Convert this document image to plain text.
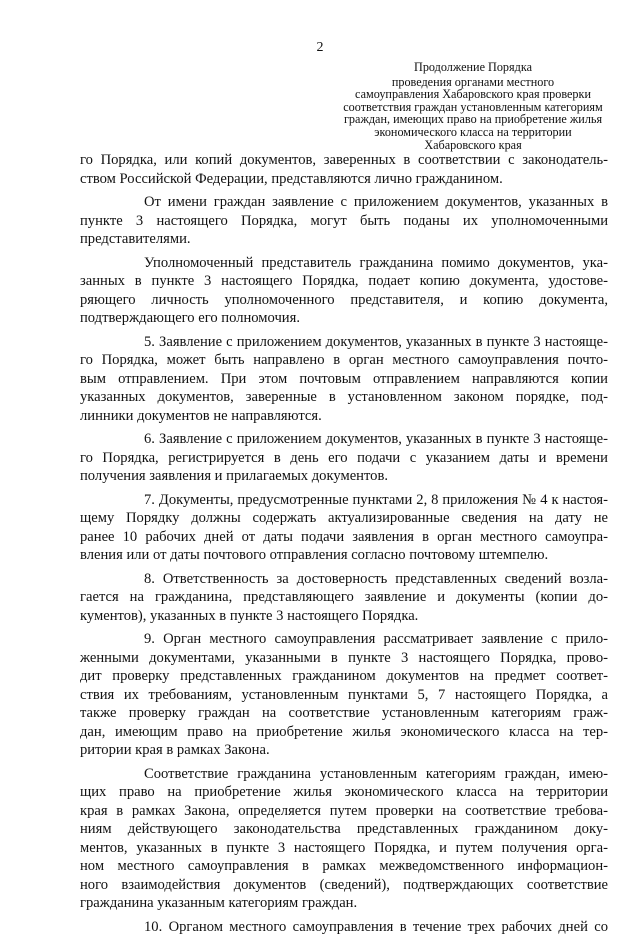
2
Продолжение Порядка
проведения органами местного
самоуправления Хабаровского края проверки
соответствия граждан установленным категориям
граждан, имеющих право на приобретение жилья
экономического класса на территории
Хабаровского края
го Порядка, или копий документов, заверенных в соответствии с законодатель-
ством Российской Федерации, представляются лично гражданином.
От имени граждан заявление с приложением документов, указанных в
пункте 3 настоящего Порядка, могут быть поданы их уполномоченными
представителями.
Уполномоченный представитель гражданина помимо документов, ука-
занных в пункте 3 настоящего Порядка, подает копию документа, удостове-
ряющего личность уполномоченного представителя, и копию документа,
подтверждающего его полномочия.
5. Заявление с приложением документов, указанных в пункте 3 настояще-
го Порядка, может быть направлено в орган местного самоуправления почто-
вым отправлением. При этом почтовым отправлением направляются копии
указанных документов, заверенные в установленном законом порядке, под-
линники документов не направляются.
6. Заявление с приложением документов, указанных в пункте 3 настояще-
го Порядка, регистрируется в день его подачи с указанием даты и времени
получения заявления и прилагаемых документов.
7. Документы, предусмотренные пунктами 2, 8 приложения № 4 к настоя-
щему Порядку должны содержать актуализированные сведения на дату не
ранее 10 рабочих дней от даты подачи заявления в орган местного самоупра-
вления или от даты почтового отправления согласно почтовому штемпелю.
8. Ответственность за достоверность представленных сведений возла-
гается на гражданина, представляющего заявление и документы (копии до-
кументов), указанных в пункте 3 настоящего Порядка.
9. Орган местного самоуправления рассматривает заявление с прило-
женными документами, указанными в пункте 3 настоящего Порядка, прово-
дит проверку представленных гражданином документов на предмет соответ-
ствия их требованиям, установленным пунктами 5, 7 настоящего Порядка, а
также проверку граждан на соответствие установленным категориям граж-
дан, имеющим право на приобретение жилья экономического класса на тер-
ритории края в рамках Закона.
Соответствие гражданина установленным категориям граждан, имею-
щих право на приобретение жилья экономического класса на территории
края в рамках Закона, определяется путем проверки на соответствие требова-
ниям действующего законодательства представленных гражданином доку-
ментов, указанных в пункте 3 настоящего Порядка, и путем получения орга-
ном местного самоуправления в рамках межведомственного информацион-
ного взаимодействия документов (сведений), подтверждающих соответствие
гражданина указанным категориям граждан.
10. Органом местного самоуправления в течение трех рабочих дней со
